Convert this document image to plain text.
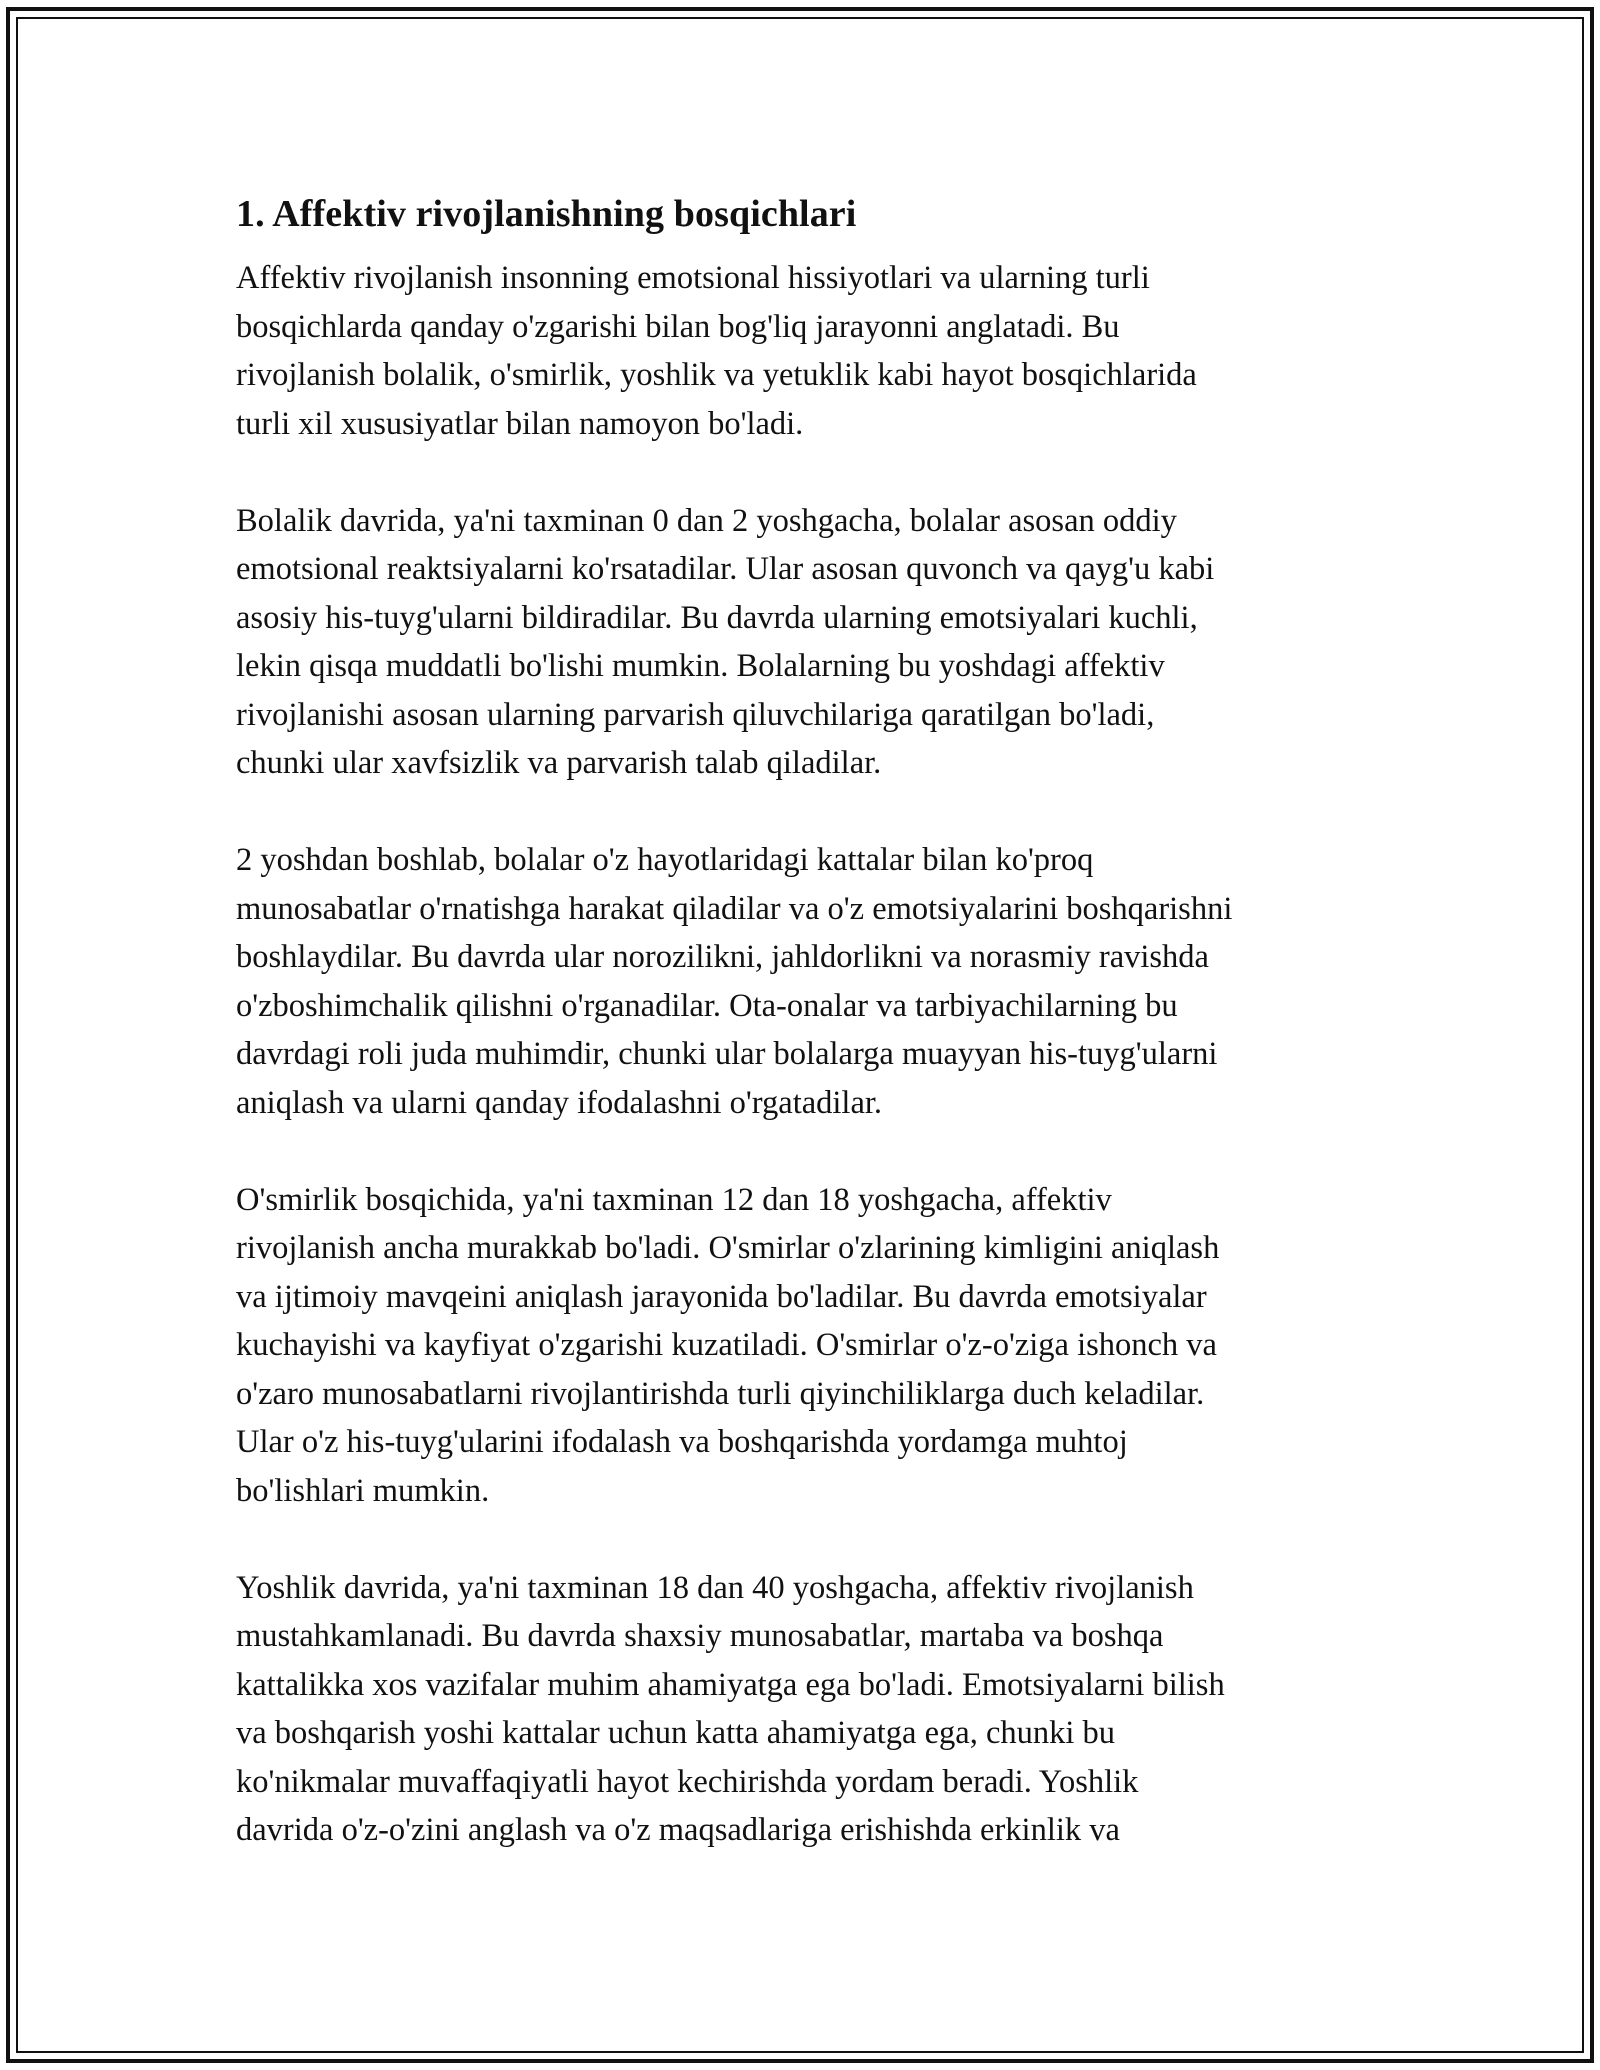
1. Affektiv rivojlanishning bosqichlari

Affektiv rivojlanish insonning emotsional hissiyotlari va ularning turli
bosqichlarda qanday o'zgarishi bilan bog'liq jarayonni anglatadi. Bu
rivojlanish bolalik, o'smirlik, yoshlik va yetuklik kabi hayot bosqichlarida
turli xil xususiyatlar bilan namoyon bo'ladi.

Bolalik davrida, ya'ni taxminan 0 dan 2 yoshgacha, bolalar asosan oddiy
emotsional reaktsiyalarni ko'rsatadilar. Ular asosan quvonch va qayg'u kabi
asosiy his-tuyg'ularni bildiradilar. Bu davrda ularning emotsiyalari kuchli,
lekin qisqa muddatli bo'lishi mumkin. Bolalarning bu yoshdagi affektiv
rivojlanishi asosan ularning parvarish qiluvchilariga qaratilgan bo'ladi,
chunki ular xavfsizlik va parvarish talab qiladilar.

2 yoshdan boshlab, bolalar o'z hayotlaridagi kattalar bilan ko'proq
munosabatlar o'rnatishga harakat qiladilar va o'z emotsiyalarini boshqarishni
boshlaydilar. Bu davrda ular norozilikni, jahldorlikni va norasmiy ravishda
o'zboshimchalik qilishni o'rganadilar. Ota-onalar va tarbiyachilarning bu
davrdagi roli juda muhimdir, chunki ular bolalarga muayyan his-tuyg'ularni
aniqlash va ularni qanday ifodalashni o'rgatadilar.

O'smirlik bosqichida, ya'ni taxminan 12 dan 18 yoshgacha, affektiv
rivojlanish ancha murakkab bo'ladi. O'smirlar o'zlarining kimligini aniqlash
va ijtimoiy mavqeini aniqlash jarayonida bo'ladilar. Bu davrda emotsiyalar
kuchayishi va kayfiyat o'zgarishi kuzatiladi. O'smirlar o'z-o'ziga ishonch va
o'zaro munosabatlarni rivojlantirishda turli qiyinchiliklarga duch keladilar.
Ular o'z his-tuyg'ularini ifodalash va boshqarishda yordamga muhtoj
bo'lishlari mumkin.

Yoshlik davrida, ya'ni taxminan 18 dan 40 yoshgacha, affektiv rivojlanish
mustahkamlanadi. Bu davrda shaxsiy munosabatlar, martaba va boshqa
kattalikka xos vazifalar muhim ahamiyatga ega bo'ladi. Emotsiyalarni bilish
va boshqarish yoshi kattalar uchun katta ahamiyatga ega, chunki bu
ko'nikmalar muvaffaqiyatli hayot kechirishda yordam beradi. Yoshlik
davrida o'z-o'zini anglash va o'z maqsadlariga erishishda erkinlik va
